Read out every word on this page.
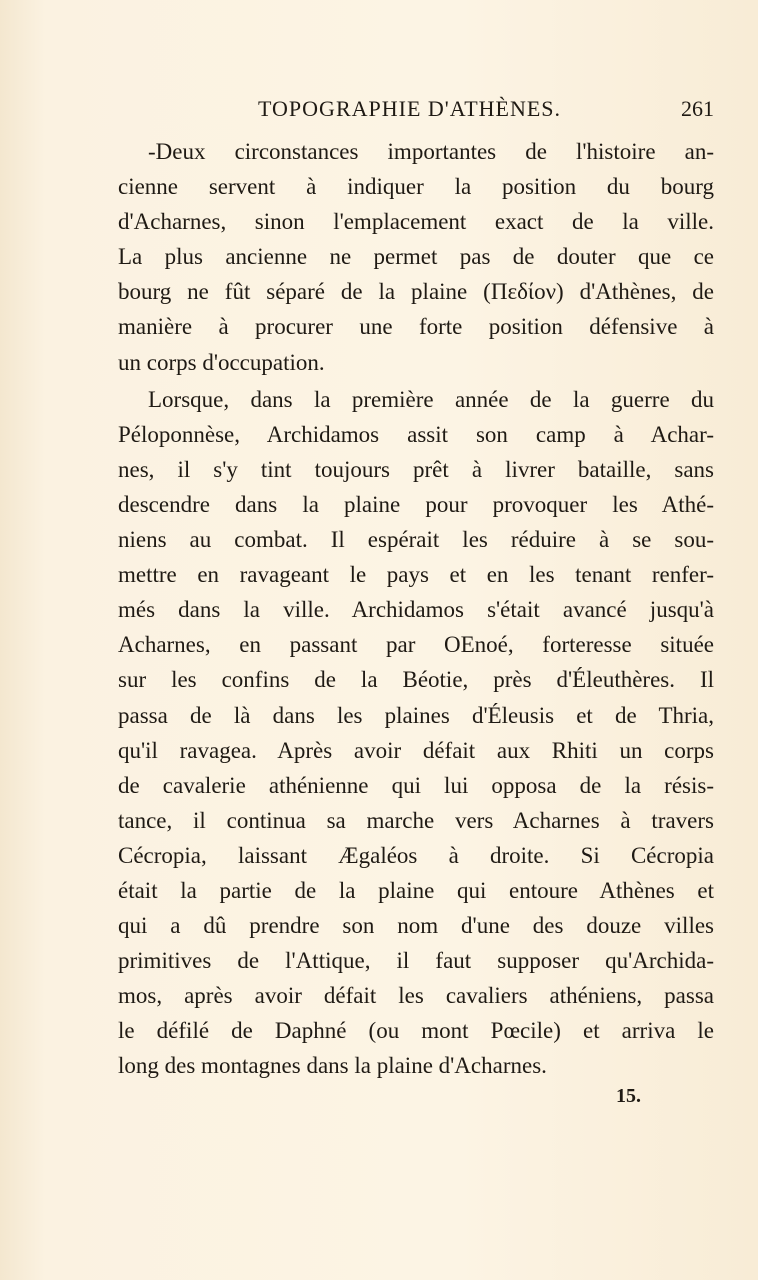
TOPOGRAPHIE D'ATHÈNES.	261
-Deux circonstances importantes de l'histoire an-
cienne servent à indiquer la position du bourg
d'Acharnes, sinon l'emplacement exact de la ville.
La plus ancienne ne permet pas de douter que ce
bourg ne fût séparé de la plaine (Πεδίον) d'Athènes, de
manière à procurer une forte position défensive à
un corps d'occupation.
Lorsque, dans la première année de la guerre du
Péloponnèse, Archidamos assit son camp à Achar-
nes, il s'y tint toujours prêt à livrer bataille, sans
descendre dans la plaine pour provoquer les Athé-
niens au combat. Il espérait les réduire à se sou-
mettre en ravageant le pays et en les tenant renfer-
més dans la ville. Archidamos s'était avancé jusqu'à
Acharnes, en passant par OEnoé, forteresse située
sur les confins de la Béotie, près d'Éleuthères. Il
passa de là dans les plaines d'Éleusis et de Thria,
qu'il ravagea. Après avoir défait aux Rhiti un corps
de cavalerie athénienne qui lui opposa de la résis-
tance, il continua sa marche vers Acharnes à travers
Cécropia, laissant Ægaléos à droite. Si Cécropia
était la partie de la plaine qui entoure Athènes et
qui a dû prendre son nom d'une des douze villes
primitives de l'Attique, il faut supposer qu'Archida-
mos, après avoir défait les cavaliers athéniens, passa
le défilé de Daphné (ou mont Pœcile) et arriva le
long des montagnes dans la plaine d'Acharnes.
15.
